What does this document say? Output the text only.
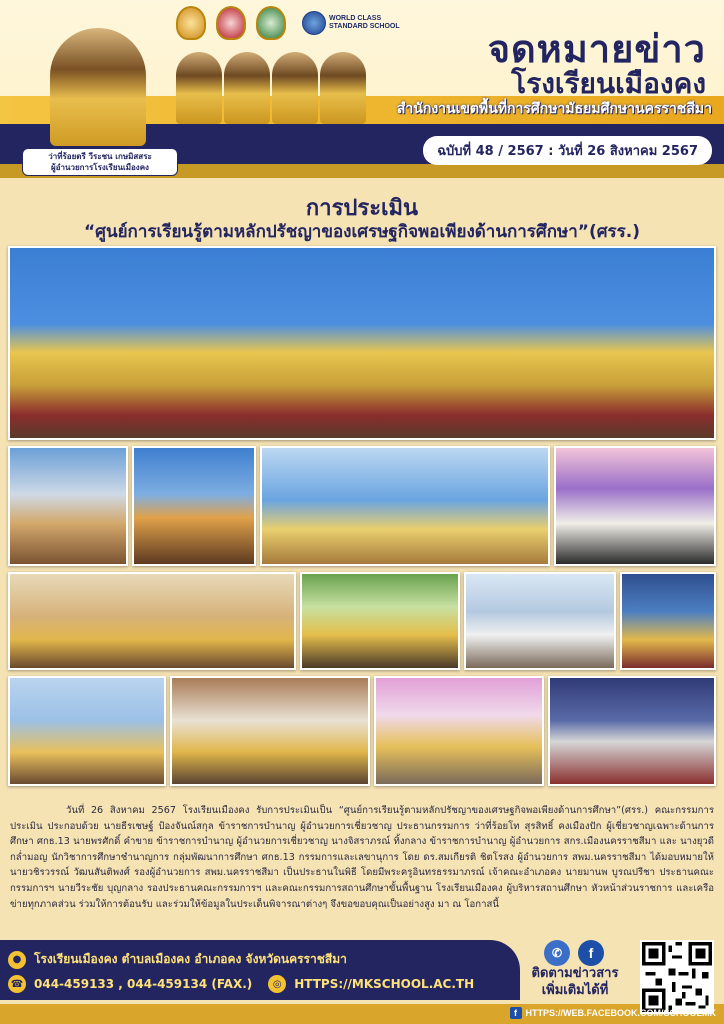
WORLD CLASS
STANDARD SCHOOL
ว่าที่ร้อยตรี วีระชน เกษมิสสระ
ผู้อำนวยการโรงเรียนเมืองคง
จดหมายข่าว
โรงเรียนเมืองคง
สำนักงานเขตพื้นที่การศึกษามัธยมศึกษานครราชสีมา
ฉบับที่ 48 / 2567 : วันที่ 26 สิงหาคม 2567
การประเมิน
“ศูนย์การเรียนรู้ตามหลักปรัชญาของเศรษฐกิจพอเพียงด้านการศึกษา”(ศรร.)
วันที่ 26 สิงหาคม 2567 โรงเรียนเมืองคง รับการประเมินเป็น “ศูนย์การเรียนรู้ตามหลักปรัชญาของเศรษฐกิจพอเพียงด้านการศึกษา”(ศรร.) คณะกรรมการประเมิน ประกอบด้วย นายธีรเชษฐ์ ป้องจันณ์สกุล ข้าราชการบำนาญ ผู้อำนวยการเชี่ยวชาญ ประธานกรรมการ ว่าที่ร้อยโท สุรสิทธิ์ คงเมืองปัก ผู้เชี่ยวชาญเฉพาะด้านการศึกษา ศกธ.13 นายพรศักดิ์ คำขาย ข้าราชการบำนาญ ผู้อำนวยการเชี่ยวชาญ นางจิสราภรณ์ ทิ้งกลาง ข้าราชการบำนาญ ผู้อำนวยการ สกร.เมืองนครราชสีมา และ นางยุวดี กล่ำมอญ นักวิชาการศึกษาชำนาญการ กลุ่มพัฒนาการศึกษา ศกธ.13 กรรมการและเลขานุการ โดย ดร.สมเกียรติ ชิตโรสง ผู้อำนวยการ สพม.นครราชสีมา ได้มอบหมายให้ นายวชิรวรรณ์ วัฒนสันติพงศ์ รองผู้อำนวยการ สพม.นครราชสีมา เป็นประธานในพิธี โดยมีพระครูอินทรธรรมาภรณ์ เจ้าคณะอำเภอคง นายมานพ บูรณปรีชา ประธานคณะกรรมการฯ นายวีระชัย บุญกลาง รองประธานคณะกรรมการฯ และคณะกรรมการสถานศึกษาขั้นพื้นฐาน โรงเรียนเมืองคง ผู้บริหารสถานศึกษา หัวหน้าส่วนราชการ และเครือข่ายทุกภาคส่วน ร่วมให้การต้อนรับ และร่วมให้ข้อมูลในประเด็นพิจารณาต่างๆ จึงขอขอบคุณเป็นอย่างสูง มา ณ โอกาสนี้
●	โรงเรียนเมืองคง ตำบลเมืองคง อำเภอคง จังหวัดนครราชสีมา
☎ 044-459133 , 044-459134 (FAX.)	◎	HTTPS://MKSCHOOL.AC.TH
✆	f
ติดตามข่าวสาร
เพิ่มเติมได้ที่
f HTTPS://WEB.FACEBOOK.COM/SCHOOLMK
